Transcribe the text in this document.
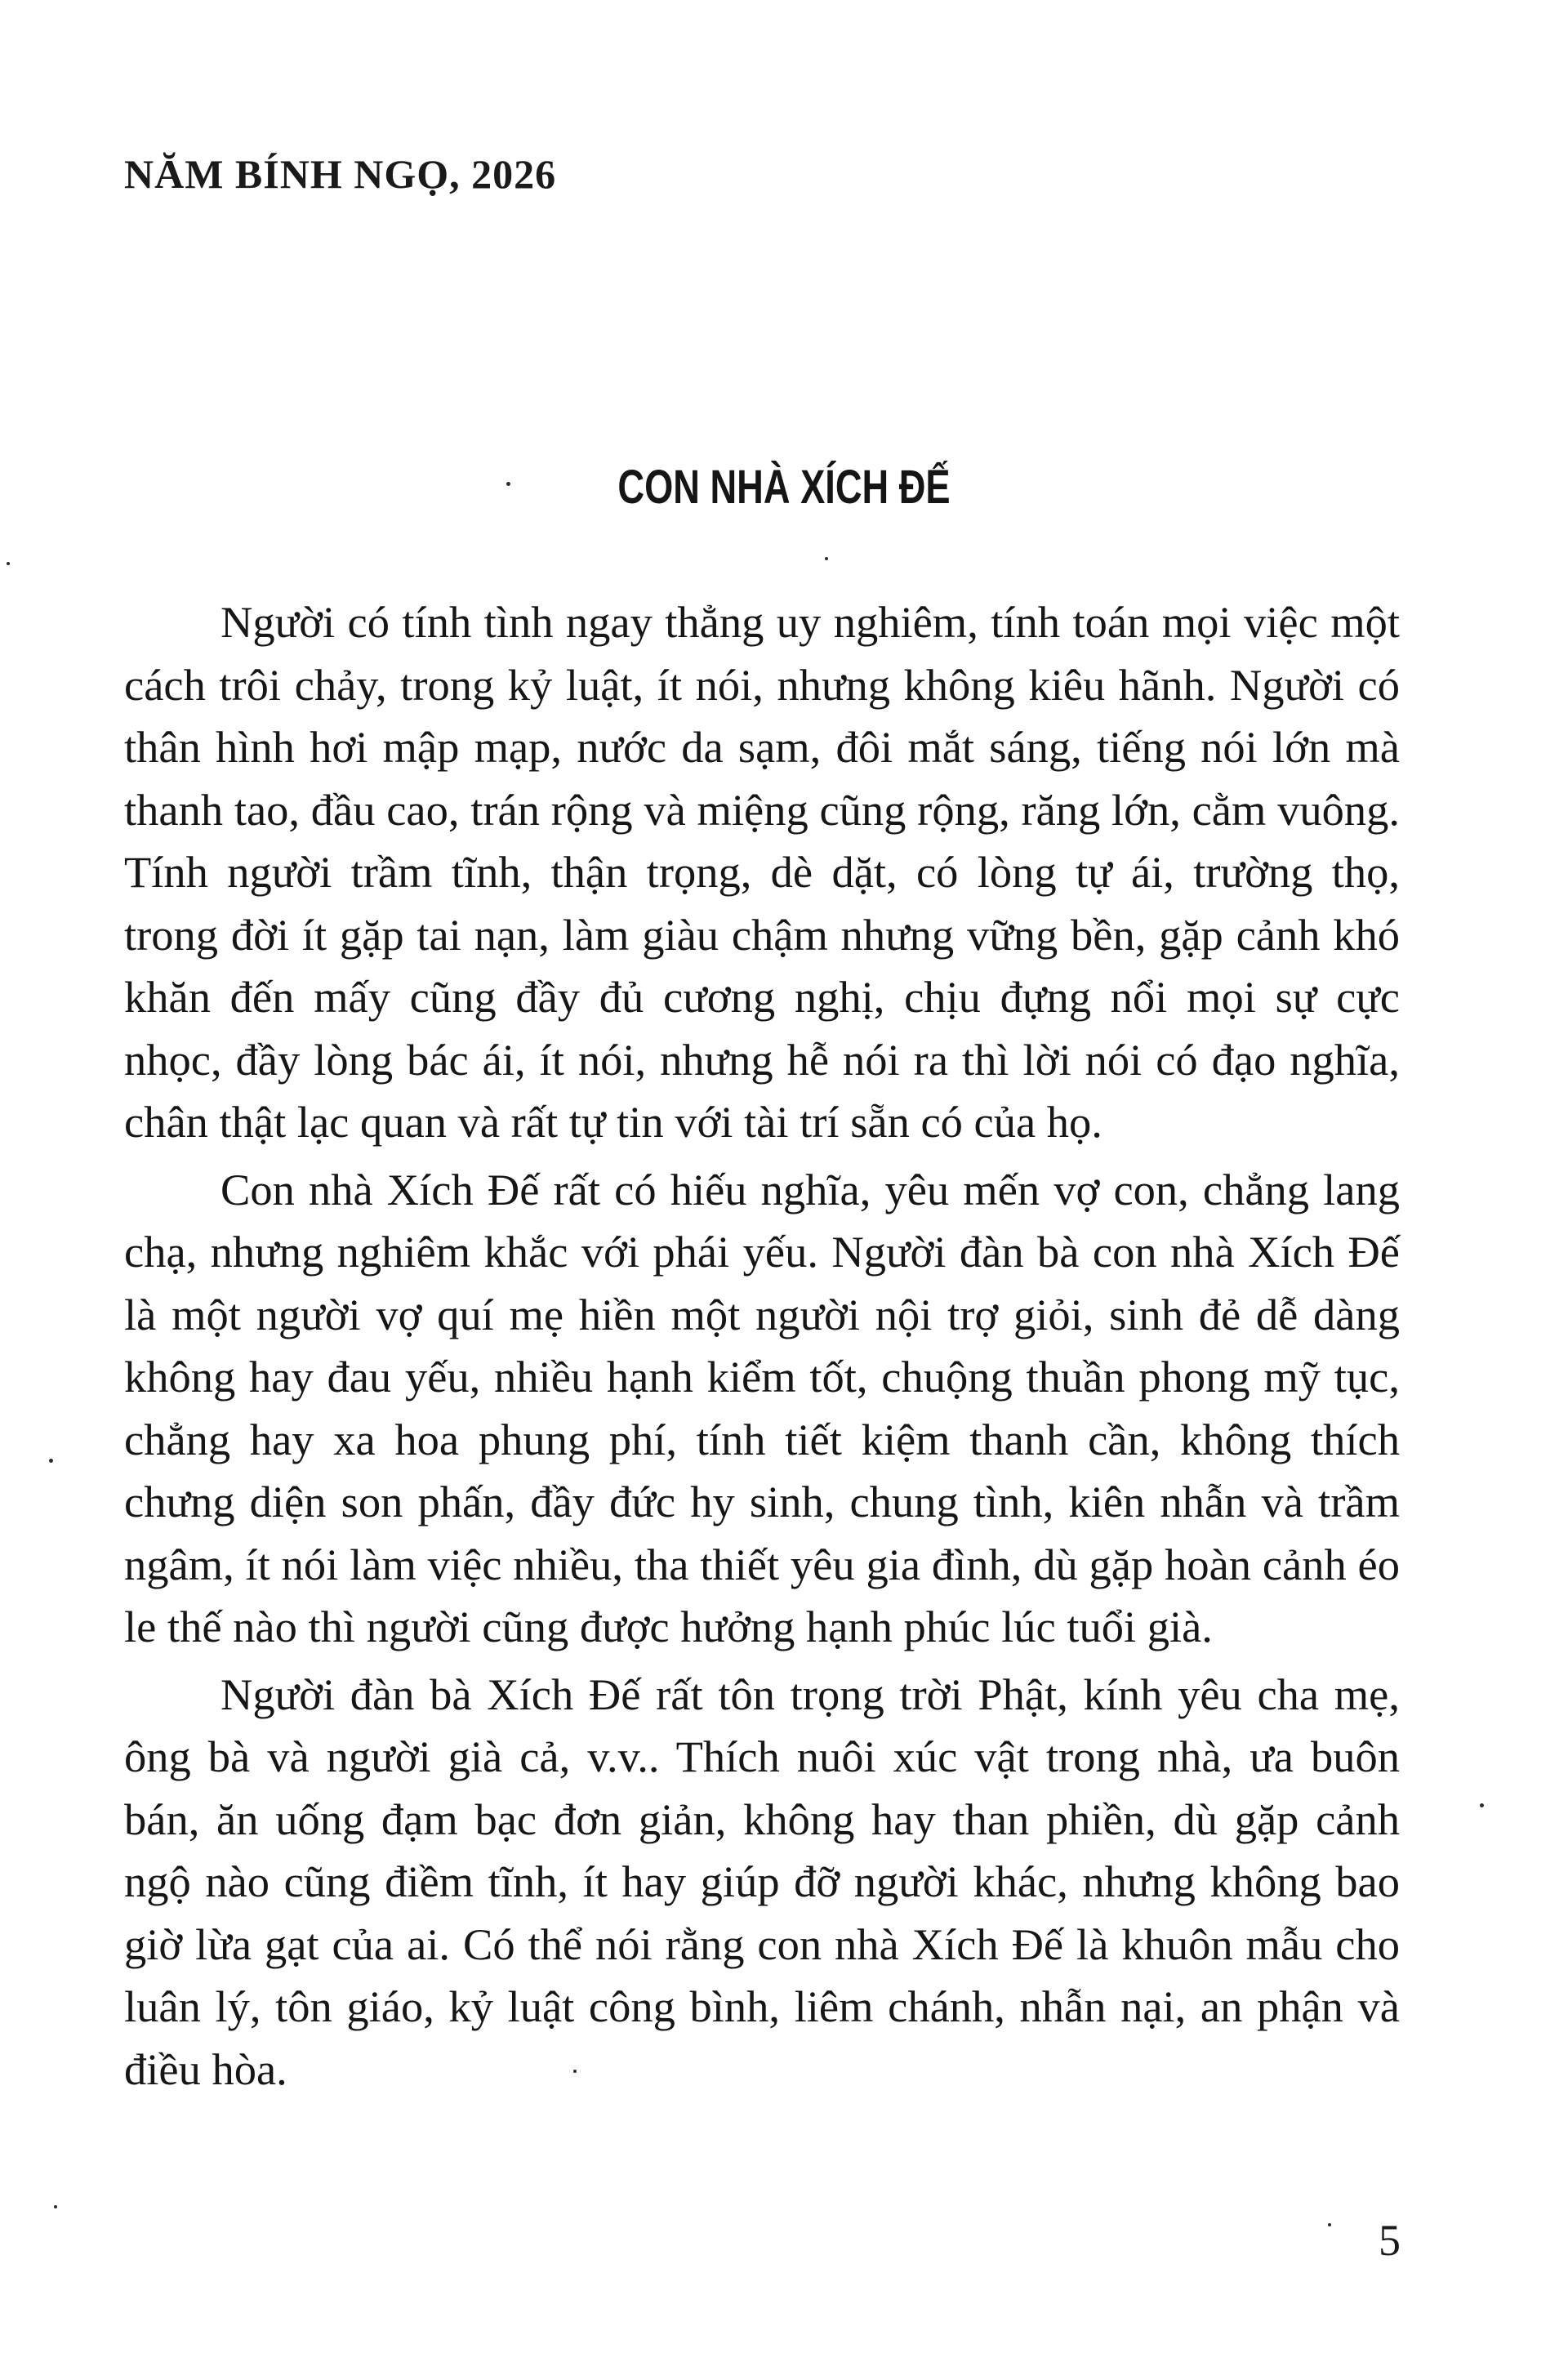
NĂM BÍNH NGỌ, 2026
CON NHÀ XÍCH ĐẾ

Người có tính tình ngay thẳng uy nghiêm, tính toán mọi việc một cách trôi chảy, trong kỷ luật, ít nói, nhưng không kiêu hãnh. Người có thân hình hơi mập mạp, nước da sạm, đôi mắt sáng, tiếng nói lớn mà thanh tao, đầu cao, trán rộng và miệng cũng rộng, răng lớn, cằm vuông. Tính người trầm tĩnh, thận trọng, dè dặt, có lòng tự ái, trường thọ, trong đời ít gặp tai nạn, làm giàu chậm nhưng vững bền, gặp cảnh khó khăn đến mấy cũng đầy đủ cương nghị, chịu đựng nổi mọi sự cực nhọc, đầy lòng bác ái, ít nói, nhưng hễ nói ra thì lời nói có đạo nghĩa, chân thật lạc quan và rất tự tin với tài trí sẵn có của họ.

Con nhà Xích Đế rất có hiếu nghĩa, yêu mến vợ con, chẳng lang chạ, nhưng nghiêm khắc với phái yếu. Người đàn bà con nhà Xích Đế là một người vợ quí mẹ hiền một người nội trợ giỏi, sinh đẻ dễ dàng không hay đau yếu, nhiều hạnh kiểm tốt, chuộng thuần phong mỹ tục, chẳng hay xa hoa phung phí, tính tiết kiệm thanh cần, không thích chưng diện son phấn, đầy đức hy sinh, chung tình, kiên nhẫn và trầm ngâm, ít nói làm việc nhiều, tha thiết yêu gia đình, dù gặp hoàn cảnh éo le thế nào thì người cũng được hưởng hạnh phúc lúc tuổi già.

Người đàn bà Xích Đế rất tôn trọng trời Phật, kính yêu cha mẹ, ông bà và người già cả, v.v.. Thích nuôi xúc vật trong nhà, ưa buôn bán, ăn uống đạm bạc đơn giản, không hay than phiền, dù gặp cảnh ngộ nào cũng điềm tĩnh, ít hay giúp đỡ người khác, nhưng không bao giờ lừa gạt của ai. Có thể nói rằng con nhà Xích Đế là khuôn mẫu cho luân lý, tôn giáo, kỷ luật công bình, liêm chánh, nhẫn nại, an phận và điều hòa.

5
